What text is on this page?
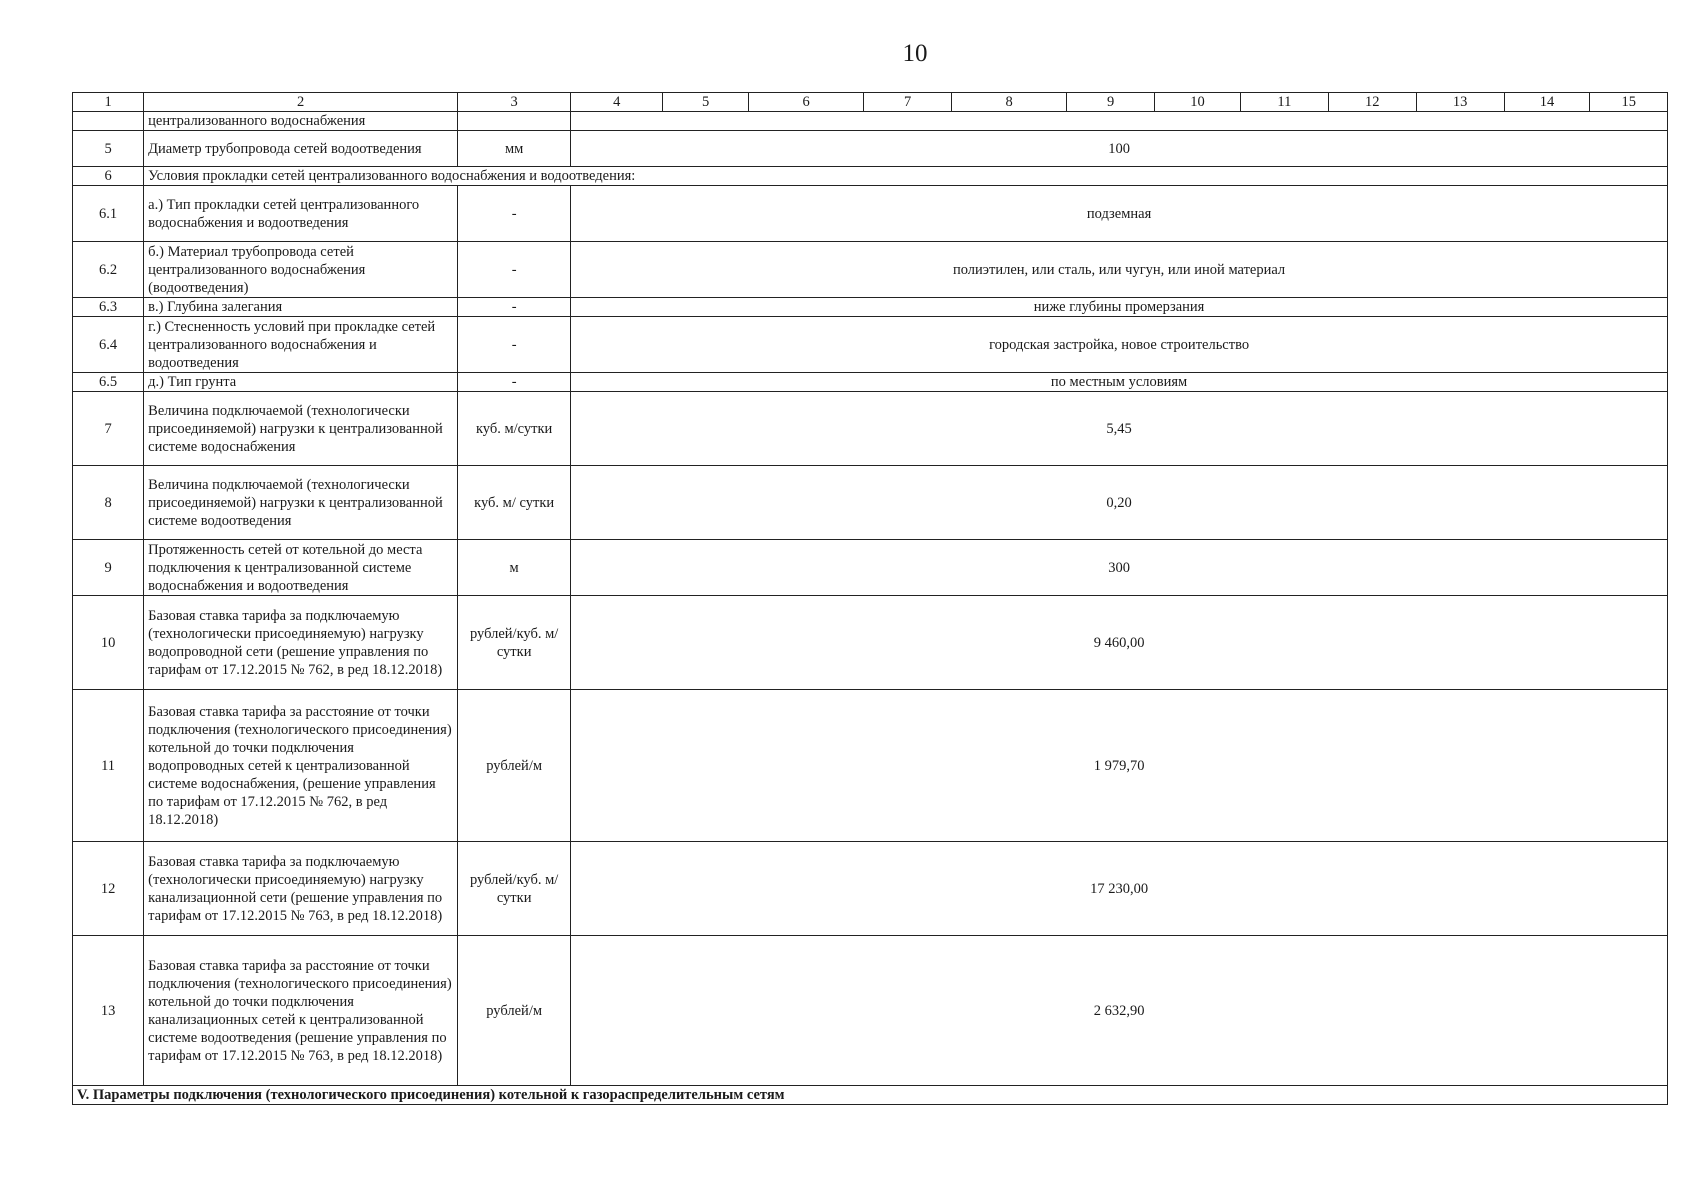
10
1	2	3	4	5	6	7	8	9	10	11	12	13	14	15
	централизованного водоснабжения													
5	Диаметр трубопровода сетей водоотведения	мм	100											
6	Условия прокладки сетей централизованного водоснабжения и водоотведения:													
6.1	а.) Тип прокладки сетей централизованного водоснабжения и водоотведения	-	подземная											
6.2	б.) Материал трубопровода сетей централизованного водоснабжения (водоотведения)	-	полиэтилен, или сталь, или чугун, или иной материал											
6.3	в.) Глубина залегания	-	ниже глубины промерзания											
6.4	г.) Стесненность условий при прокладке сетей централизованного водоснабжения и водоотведения	-	городская застройка, новое строительство											
6.5	д.) Тип грунта	-	по местным условиям											
7	Величина подключаемой (технологически присоединяемой) нагрузки к централизованной системе водоснабжения	куб. м/сутки	5,45											
8	Величина подключаемой (технологически присоединяемой) нагрузки к централизованной системе водоотведения	куб. м/ сутки	0,20											
9	Протяженность сетей от котельной до места подключения к централизованной системе водоснабжения и водоотведения	м	300											
10	Базовая ставка тарифа за подключаемую (технологически присоединяемую) нагрузку водопроводной сети (решение управления по тарифам от 17.12.2015 № 762, в ред 18.12.2018)	рублей/куб. м/сутки	9 460,00											
11	Базовая ставка тарифа за расстояние от точки подключения (технологического присоединения) котельной до точки подключения водопроводных сетей к централизованной системе водоснабжения, (решение управления по тарифам от 17.12.2015 № 762, в ред 18.12.2018)	рублей/м	1 979,70											
12	Базовая ставка тарифа за подключаемую (технологически присоединяемую) нагрузку канализационной сети (решение управления по тарифам от 17.12.2015 № 763, в ред 18.12.2018)	рублей/куб. м/сутки	17 230,00											
13	Базовая ставка тарифа за расстояние от точки подключения (технологического присоединения) котельной до точки подключения канализационных сетей к централизованной системе водоотведения (решение управления по тарифам от 17.12.2015 № 763, в ред 18.12.2018)	рублей/м	2 632,90											
V. Параметры подключения (технологического присоединения) котельной к газораспределительным сетям														
